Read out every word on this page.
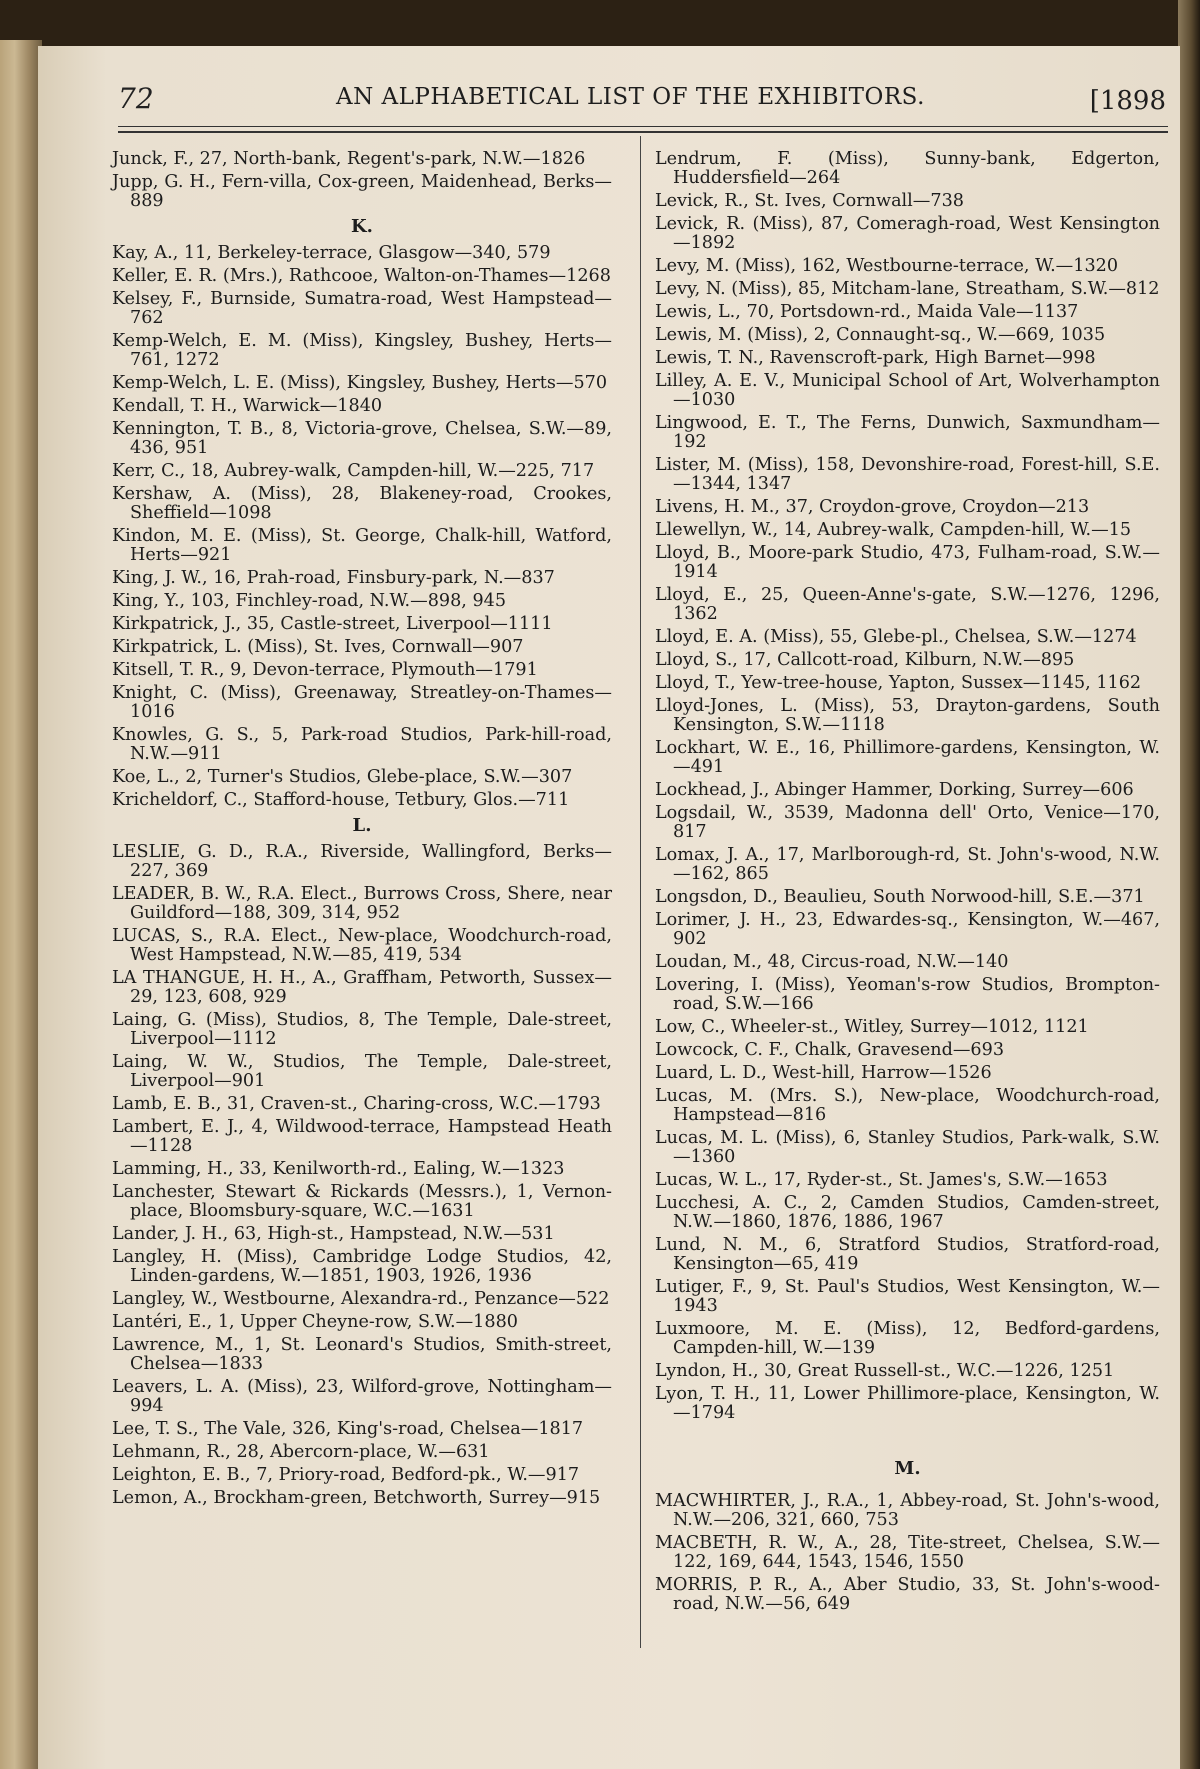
72	AN ALPHABETICAL LIST OF THE EXHIBITORS.	[1898
Junck, F., 27, North-bank, Regent's-park, N.W.—1826
Jupp, G. H., Fern-villa, Cox-green, Maidenhead, Berks—889
K.
Kay, A., 11, Berkeley-terrace, Glasgow—340, 579
Keller, E. R. (Mrs.), Rathcooe, Walton-on-Thames—1268
Kelsey, F., Burnside, Sumatra-road, West Hampstead—762
Kemp-Welch, E. M. (Miss), Kingsley, Bushey, Herts—761, 1272
Kemp-Welch, L. E. (Miss), Kingsley, Bushey, Herts—570
Kendall, T. H., Warwick—1840
Kennington, T. B., 8, Victoria-grove, Chelsea, S.W.—89, 436, 951
Kerr, C., 18, Aubrey-walk, Campden-hill, W.—225, 717
Kershaw, A. (Miss), 28, Blakeney-road, Crookes, Sheffield—1098
Kindon, M. E. (Miss), St. George, Chalk-hill, Watford, Herts—921
King, J. W., 16, Prah-road, Finsbury-park, N.—837
King, Y., 103, Finchley-road, N.W.—898, 945
Kirkpatrick, J., 35, Castle-street, Liverpool—1111
Kirkpatrick, L. (Miss), St. Ives, Cornwall—907
Kitsell, T. R., 9, Devon-terrace, Plymouth—1791
Knight, C. (Miss), Greenaway, Streatley-on-Thames—1016
Knowles, G. S., 5, Park-road Studios, Park-hill-road, N.W.—911
Koe, L., 2, Turner's Studios, Glebe-place, S.W.—307
Kricheldorf, C., Stafford-house, Tetbury, Glos.—711
L.
LESLIE, G. D., R.A., Riverside, Wallingford, Berks—227, 369
LEADER, B. W., R.A. Elect., Burrows Cross, Shere, near Guildford—188, 309, 314, 952
LUCAS, S., R.A. Elect., New-place, Woodchurch-road, West Hampstead, N.W.—85, 419, 534
LA THANGUE, H. H., A., Graffham, Petworth, Sussex—29, 123, 608, 929
Laing, G. (Miss), Studios, 8, The Temple, Dale-street, Liverpool—1112
Laing, W. W., Studios, The Temple, Dale-street, Liverpool—901
Lamb, E. B., 31, Craven-st., Charing-cross, W.C.—1793
Lambert, E. J., 4, Wildwood-terrace, Hampstead Heath—1128
Lamming, H., 33, Kenilworth-rd., Ealing, W.—1323
Lanchester, Stewart & Rickards (Messrs.), 1, Vernon-place, Bloomsbury-square, W.C.—1631
Lander, J. H., 63, High-st., Hampstead, N.W.—531
Langley, H. (Miss), Cambridge Lodge Studios, 42, Linden-gardens, W.—1851, 1903, 1926, 1936
Langley, W., Westbourne, Alexandra-rd., Penzance—522
Lantéri, E., 1, Upper Cheyne-row, S.W.—1880
Lawrence, M., 1, St. Leonard's Studios, Smith-street, Chelsea—1833
Leavers, L. A. (Miss), 23, Wilford-grove, Nottingham—994
Lee, T. S., The Vale, 326, King's-road, Chelsea—1817
Lehmann, R., 28, Abercorn-place, W.—631
Leighton, E. B., 7, Priory-road, Bedford-pk., W.—917
Lemon, A., Brockham-green, Betchworth, Surrey—915
Lendrum, F. (Miss), Sunny-bank, Edgerton, Huddersfield—264
Levick, R., St. Ives, Cornwall—738
Levick, R. (Miss), 87, Comeragh-road, West Kensington—1892
Levy, M. (Miss), 162, Westbourne-terrace, W.—1320
Levy, N. (Miss), 85, Mitcham-lane, Streatham, S.W.—812
Lewis, L., 70, Portsdown-rd., Maida Vale—1137
Lewis, M. (Miss), 2, Connaught-sq., W.—669, 1035
Lewis, T. N., Ravenscroft-park, High Barnet—998
Lilley, A. E. V., Municipal School of Art, Wolverhampton—1030
Lingwood, E. T., The Ferns, Dunwich, Saxmundham—192
Lister, M. (Miss), 158, Devonshire-road, Forest-hill, S.E.—1344, 1347
Livens, H. M., 37, Croydon-grove, Croydon—213
Llewellyn, W., 14, Aubrey-walk, Campden-hill, W.—15
Lloyd, B., Moore-park Studio, 473, Fulham-road, S.W.—1914
Lloyd, E., 25, Queen-Anne's-gate, S.W.—1276, 1296, 1362
Lloyd, E. A. (Miss), 55, Glebe-pl., Chelsea, S.W.—1274
Lloyd, S., 17, Callcott-road, Kilburn, N.W.—895
Lloyd, T., Yew-tree-house, Yapton, Sussex—1145, 1162
Lloyd-Jones, L. (Miss), 53, Drayton-gardens, South Kensington, S.W.—1118
Lockhart, W. E., 16, Phillimore-gardens, Kensington, W.—491
Lockhead, J., Abinger Hammer, Dorking, Surrey—606
Logsdail, W., 3539, Madonna dell' Orto, Venice—170, 817
Lomax, J. A., 17, Marlborough-rd, St. John's-wood, N.W.—162, 865
Longsdon, D., Beaulieu, South Norwood-hill, S.E.—371
Lorimer, J. H., 23, Edwardes-sq., Kensington, W.—467, 902
Loudan, M., 48, Circus-road, N.W.—140
Lovering, I. (Miss), Yeoman's-row Studios, Brompton-road, S.W.—166
Low, C., Wheeler-st., Witley, Surrey—1012, 1121
Lowcock, C. F., Chalk, Gravesend—693
Luard, L. D., West-hill, Harrow—1526
Lucas, M. (Mrs. S.), New-place, Woodchurch-road, Hampstead—816
Lucas, M. L. (Miss), 6, Stanley Studios, Park-walk, S.W.—1360
Lucas, W. L., 17, Ryder-st., St. James's, S.W.—1653
Lucchesi, A. C., 2, Camden Studios, Camden-street, N.W.—1860, 1876, 1886, 1967
Lund, N. M., 6, Stratford Studios, Stratford-road, Kensington—65, 419
Lutiger, F., 9, St. Paul's Studios, West Kensington, W.—1943
Luxmoore, M. E. (Miss), 12, Bedford-gardens, Campden-hill, W.—139
Lyndon, H., 30, Great Russell-st., W.C.—1226, 1251
Lyon, T. H., 11, Lower Phillimore-place, Kensington, W.—1794
M.
MACWHIRTER, J., R.A., 1, Abbey-road, St. John's-wood, N.W.—206, 321, 660, 753
MACBETH, R. W., A., 28, Tite-street, Chelsea, S.W.—122, 169, 644, 1543, 1546, 1550
MORRIS, P. R., A., Aber Studio, 33, St. John's-wood-road, N.W.—56, 649
